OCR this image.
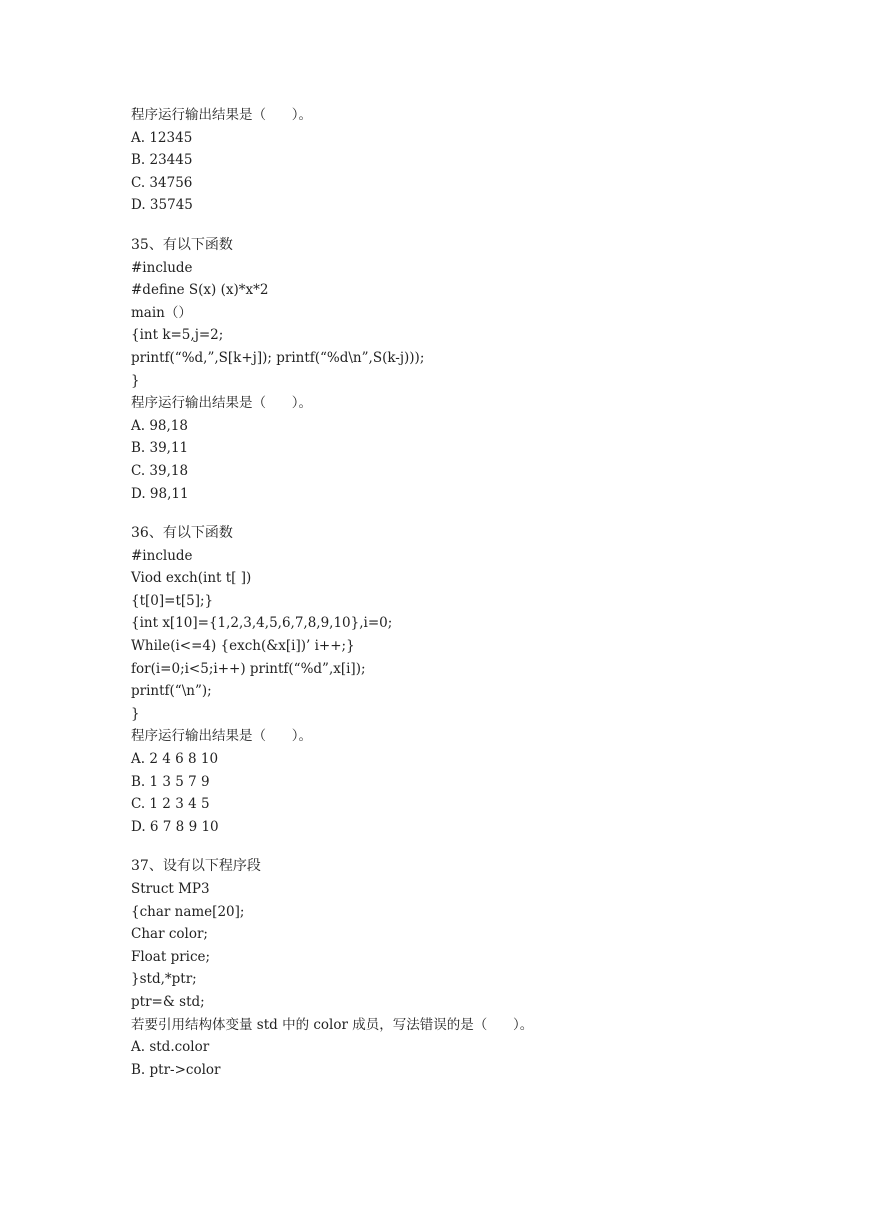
程序运行输出结果是（      ）。
A. 12345
B. 23445
C. 34756
D. 35745
35、有以下函数
#include
#define S(x) (x)*x*2
main（）
{int k=5,j=2;
printf(“%d,”,S[k+j]); printf(“%d\n”,S(k-j)));
}
程序运行输出结果是（      ）。
A. 98,18
B. 39,11
C. 39,18
D. 98,11
36、有以下函数
#include
Viod exch(int t[ ])
{t[0]=t[5];}
{int x[10]={1,2,3,4,5,6,7,8,9,10},i=0;
While(i<=4) {exch(&x[i])’ i++;}
for(i=0;i<5;i++) printf(“%d”,x[i]);
printf(“\n”);
}
程序运行输出结果是（      ）。
A. 2 4 6 8 10
B. 1 3 5 7 9
C. 1 2 3 4 5
D. 6 7 8 9 10
37、设有以下程序段
Struct MP3
{char name[20];
Char color;
Float price;
}std,*ptr;
ptr=& std;
若要引用结构体变量 std 中的 color 成员，写法错误的是（      ）。
A. std.color
B. ptr->color
